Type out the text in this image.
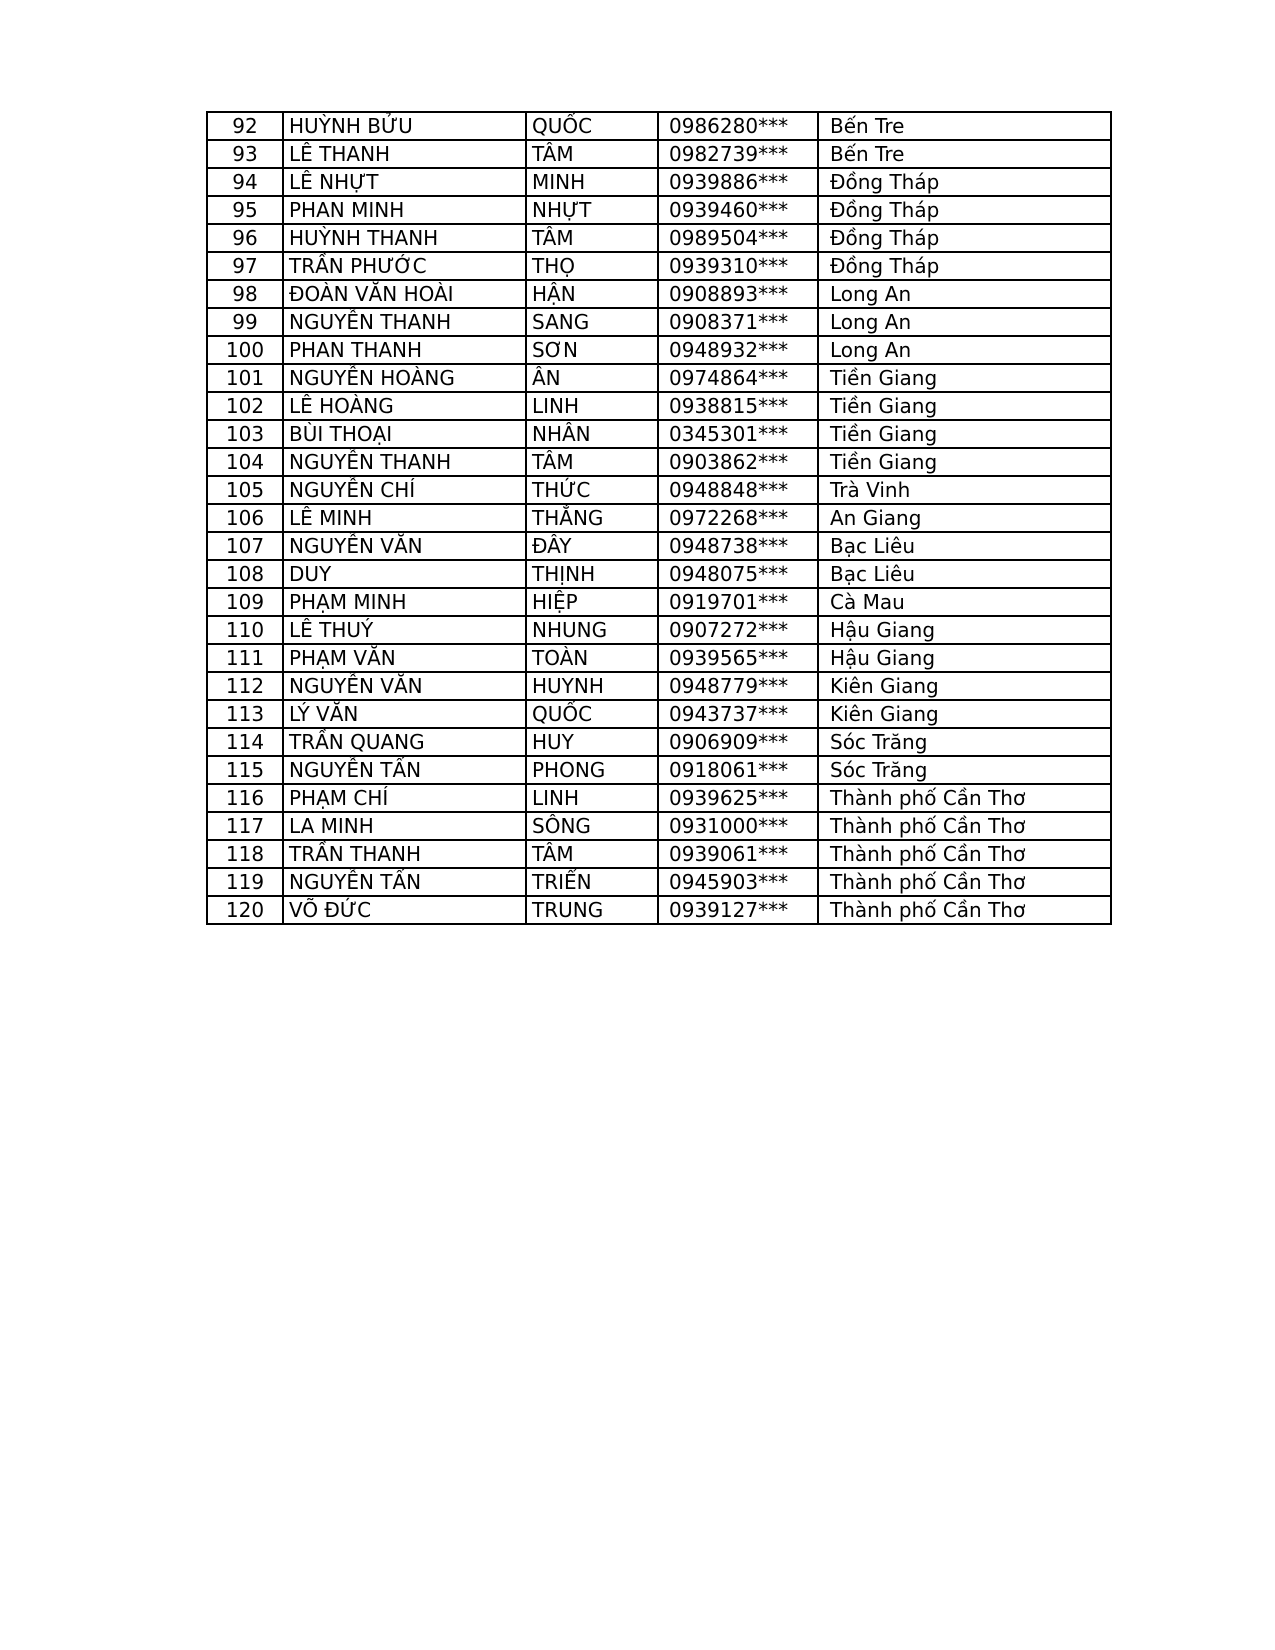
92	HUỲNH BỬU	QUỐC	0986280***	Bến Tre
93	LÊ THANH	TÂM	0982739***	Bến Tre
94	LÊ NHỰT	MINH	0939886***	Đồng Tháp
95	PHAN MINH	NHỰT	0939460***	Đồng Tháp
96	HUỲNH THANH	TÂM	0989504***	Đồng Tháp
97	TRẦN PHƯỚC	THỌ	0939310***	Đồng Tháp
98	ĐOÀN VĂN HOÀI	HẬN	0908893***	Long An
99	NGUYỄN THANH	SANG	0908371***	Long An
100	PHAN THANH	SƠN	0948932***	Long An
101	NGUYỄN HOÀNG	ÂN	0974864***	Tiền Giang
102	LÊ HOÀNG	LINH	0938815***	Tiền Giang
103	BÙI THOẠI	NHÂN	0345301***	Tiền Giang
104	NGUYỄN THANH	TÂM	0903862***	Tiền Giang
105	NGUYỄN CHÍ	THỨC	0948848***	Trà Vinh
106	LÊ MINH	THẮNG	0972268***	An Giang
107	NGUYỄN VĂN	ĐÂY	0948738***	Bạc Liêu
108	DUY	THỊNH	0948075***	Bạc Liêu
109	PHẠM MINH	HIỆP	0919701***	Cà Mau
110	LÊ THUÝ	NHUNG	0907272***	Hậu Giang
111	PHẠM VĂN	TOÀN	0939565***	Hậu Giang
112	NGUYỄN VĂN	HUYNH	0948779***	Kiên Giang
113	LÝ VĂN	QUỐC	0943737***	Kiên Giang
114	TRẦN QUANG	HUY	0906909***	Sóc Trăng
115	NGUYỄN TẤN	PHONG	0918061***	Sóc Trăng
116	PHẠM CHÍ	LINH	0939625***	Thành phố Cần Thơ
117	LA MINH	SÔNG	0931000***	Thành phố Cần Thơ
118	TRẦN THANH	TÂM	0939061***	Thành phố Cần Thơ
119	NGUYỄN TẤN	TRIỂN	0945903***	Thành phố Cần Thơ
120	VÕ ĐỨC	TRUNG	0939127***	Thành phố Cần Thơ
